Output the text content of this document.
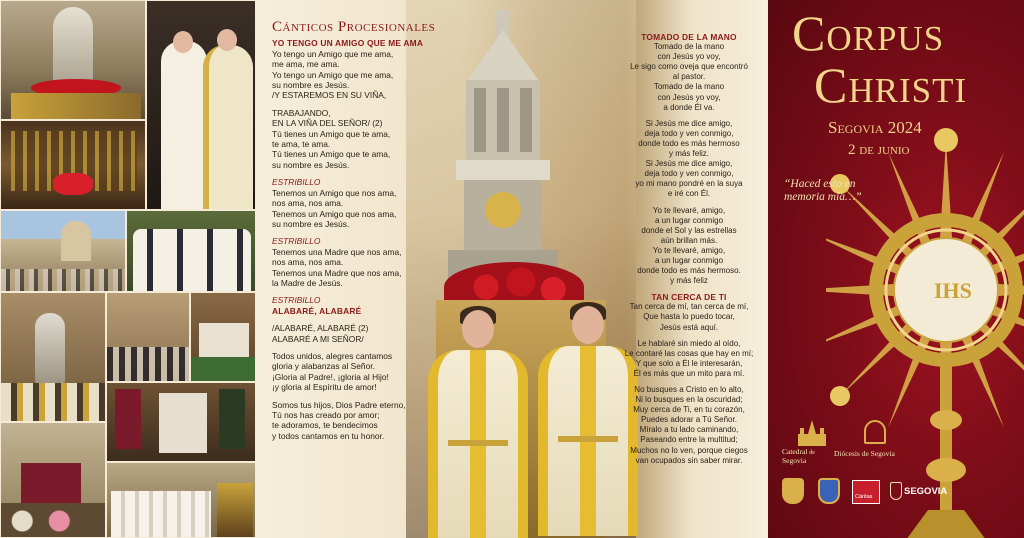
Cánticos Procesionales
YO TENGO UN AMIGO QUE ME AMA
Yo tengo un Amigo que me ama,
me ama, me ama.
Yo tengo un Amigo que me ama,
su nombre es Jesús.
/Y ESTAREMOS EN SU VIÑA,
TRABAJANDO,
EN LA VIÑA DEL SEÑOR/ (2)
Tú tienes un Amigo que te ama,
te ama, te ama.
Tú tienes un Amigo que te ama,
su nombre es Jesús.
ESTRIBILLO
Tenemos un Amigo que nos ama,
nos ama, nos ama.
Tenemos un Amigo que nos ama,
su nombre es Jesús.
ESTRIBILLO
Tenemos una Madre que nos ama,
nos ama, nos ama.
Tenemos una Madre que nos ama,
la Madre de Jesús.
ESTRIBILLO
ALABARÉ, ALABARÉ
/ALABARÉ, ALABARÉ (2)
ALABARÉ A MI SEÑOR/
Todos unidos, alegres cantamos
gloria y alabanzas al Señor.
¡Gloria al Padre!, ¡gloria al Hijo!
¡y gloria al Espíritu de amor!
Somos tus hijos, Dios Padre eterno,
Tú nos has creado por amor;
te adoramos, te bendecimos
y todos cantamos en tu honor.
TOMADO DE LA MANO
Tomado de la mano
con Jesús yo voy,
Le sigo como oveja que encontró
al pastor.
Tomado de la mano
con Jesús yo voy,
a donde Él va.
Si Jesús me dice amigo,
deja todo y ven conmigo,
donde todo es más hermoso
y más feliz.
Si Jesús me dice amigo,
deja todo y ven conmigo,
yo mi mano pondré en la suya
e iré con Él.
Yo te llevaré, amigo,
a un lugar conmigo
donde el Sol y las estrellas
aún brillan más.
Yo te llevaré, amigo,
a un lugar conmigo
donde todo es más hermoso.
y más feliz
TAN CERCA DE TI
Tan cerca de mí, tan cerca de mí,
Que hasta lo puedo tocar,
Jesús está aquí.
Le hablaré sin miedo al oído,
Le contaré las cosas que hay en mí;
Y que solo a Él le interesarán,
Él es más que un mito para mí.
No busques a Cristo en lo alto,
Ni lo busques en la oscuridad;
Muy cerca de Ti, en tu corazón,
Puedes adorar a Tú Señor.
Míralo a tu lado caminando,
Paseando entre la multitud;
Muchos no lo ven, porque ciegos
van ocupados sin saber mirar.
IHS
Corpus
Christi
Segovia 2024
2 de junio
“Haced esto en memoria mía…”
Catedral de
Segovia
Diócesis de Segovia
Cáritas	SEGOVIA
